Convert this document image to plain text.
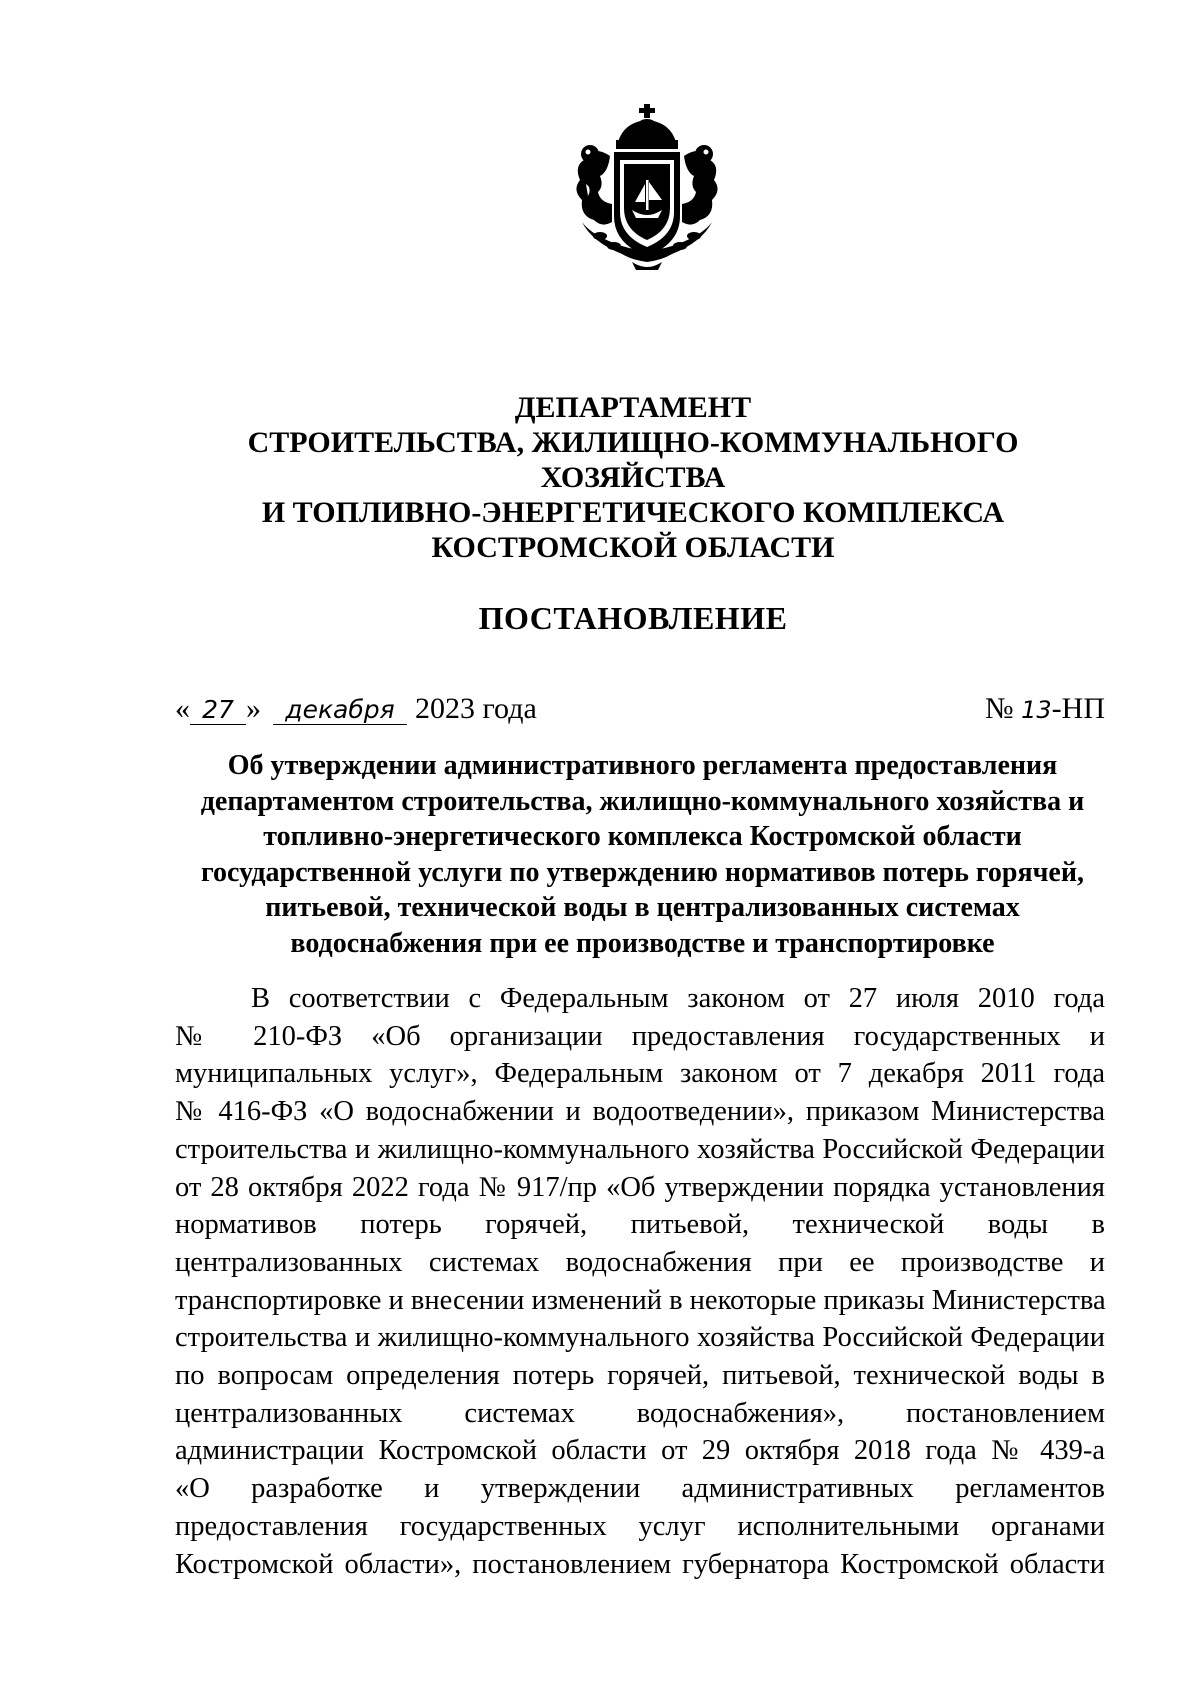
ДЕПАРТАМЕНТ
СТРОИТЕЛЬСТВА, ЖИЛИЩНО-КОММУНАЛЬНОГО ХОЗЯЙСТВА
И ТОПЛИВНО-ЭНЕРГЕТИЧЕСКОГО КОМПЛЕКСА
КОСТРОМСКОЙ ОБЛАСТИ
ПОСТАНОВЛЕНИЕ
« 27 » декабря 2023 года	№ 13-НП
Об утверждении административного регламента предоставления
департаментом строительства, жилищно-коммунального хозяйства и
топливно-энергетического комплекса Костромской области
государственной услуги по утверждению нормативов потерь горячей,
питьевой, технической воды в централизованных системах
водоснабжения при ее производстве и транспортировке
В соответствии с Федеральным законом от 27 июля 2010 года
№ 210-ФЗ «Об организации предоставления государственных и
муниципальных услуг», Федеральным законом от 7 декабря 2011 года
№ 416-ФЗ «О водоснабжении и водоотведении», приказом Министерства
строительства и жилищно-коммунального хозяйства Российской Федерации
от 28 октября 2022 года № 917/пр «Об утверждении порядка установления
нормативов потерь горячей, питьевой, технической воды в
централизованных системах водоснабжения при ее производстве и
транспортировке и внесении изменений в некоторые приказы Министерства
строительства и жилищно-коммунального хозяйства Российской Федерации
по вопросам определения потерь горячей, питьевой, технической воды в
централизованных системах водоснабжения», постановлением
администрации Костромской области от 29 октября 2018 года № 439-а
«О разработке и утверждении административных регламентов
предоставления государственных услуг исполнительными органами
Костромской области», постановлением губернатора Костромской области
